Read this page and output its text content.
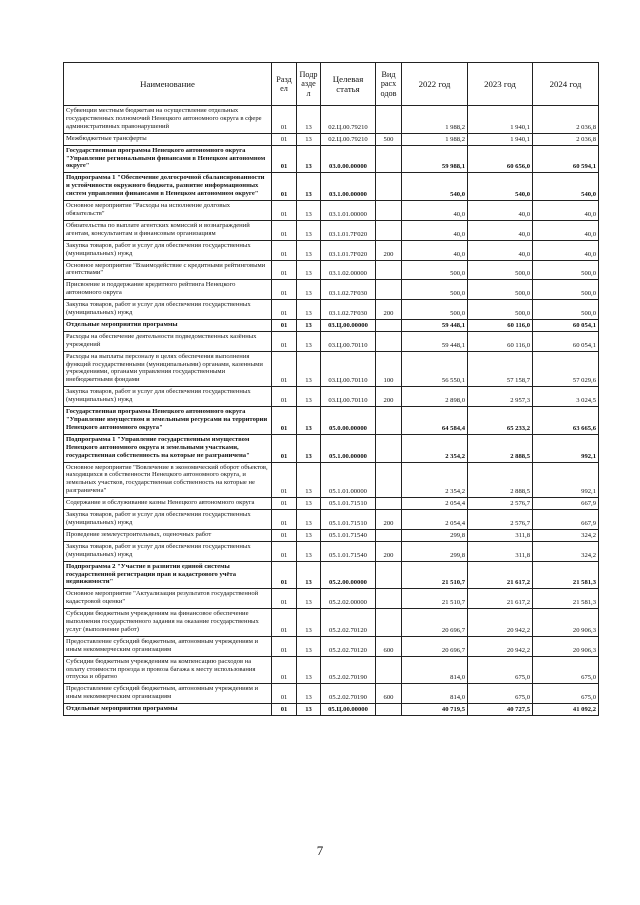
Наименование	Разд ел	Подр азде л	Целевая статья	Вид расх одов	2022 год	2023 год	2024 год
Субвенции местным бюджетам на осуществление отдельных государственных полномочий Ненецкого автономного округа в сфере административных правонарушений	01	13	02.Ц.00.79210		1 988,2	1 940,1	2 036,8
Межбюджетные трансферты	01	13	02.Ц.00.79210	500	1 988,2	1 940,1	2 036,8
Государственная программа Ненецкого автономного округа "Управление региональными финансами в Ненецком автономном округе"	01	13	03.0.00.00000		59 988,1	60 656,0	60 594,1
Подпрограмма 1 "Обеспечение долгосрочной сбалансированности и устойчивости окружного бюджета, развитие информационных систем управления финансами в Ненецком автономном округе"	01	13	03.1.00.00000		540,0	540,0	540,0
Основное мероприятие "Расходы на исполнение долговых обязательств"	01	13	03.1.01.00000		40,0	40,0	40,0
Обязательства по выплате агентских комиссий и вознаграждений агентам, консультантам и финансовым организациям	01	13	03.1.01.7F020		40,0	40,0	40,0
Закупка товаров, работ и услуг для обеспечения государственных (муниципальных) нужд	01	13	03.1.01.7F020	200	40,0	40,0	40,0
Основное мероприятие "Взаимодействие с кредитными рейтинговыми агентствами"	01	13	03.1.02.00000		500,0	500,0	500,0
Присвоение и поддержание кредитного рейтинга Ненецкого автономного округа	01	13	03.1.02.7F030		500,0	500,0	500,0
Закупка товаров, работ и услуг для обеспечения государственных (муниципальных) нужд	01	13	03.1.02.7F030	200	500,0	500,0	500,0
Отдельные мероприятия программы	01	13	03.Ц.00.00000		59 448,1	60 116,0	60 054,1
Расходы на обеспечение деятельности подведомственных казённых учреждений	01	13	03.Ц.00.70110		59 448,1	60 116,0	60 054,1
Расходы на выплаты персоналу в целях обеспечения выполнения функций государственными (муниципальными) органами, казенными учреждениями, органами управления государственными внебюджетными фондами	01	13	03.Ц.00.70110	100	56 550,1	57 158,7	57 029,6
Закупка товаров, работ и услуг для обеспечения государственных (муниципальных) нужд	01	13	03.Ц.00.70110	200	2 898,0	2 957,3	3 024,5
Государственная программа Ненецкого автономного округа "Управление имуществом и земельными ресурсами на территории Ненецкого автономного округа"	01	13	05.0.00.00000		64 584,4	65 233,2	63 665,6
Подпрограмма 1 "Управление государственным имуществом Ненецкого автономного округа и земельными участками, государственная собственность на которые не разграничена"	01	13	05.1.00.00000		2 354,2	2 888,5	992,1
Основное мероприятие "Вовлечение в экономический оборот объектов, находящихся в собственности Ненецкого автономного округа, и земельных участков, государственная собственность на которые не разграничена"	01	13	05.1.01.00000		2 354,2	2 888,5	992,1
Содержание и обслуживание казны Ненецкого автономного округа	01	13	05.1.01.71510		2 054,4	2 576,7	667,9
Закупка товаров, работ и услуг для обеспечения государственных (муниципальных) нужд	01	13	05.1.01.71510	200	2 054,4	2 576,7	667,9
Проведение землеустроительных, оценочных работ	01	13	05.1.01.71540		299,8	311,8	324,2
Закупка товаров, работ и услуг для обеспечения государственных (муниципальных) нужд	01	13	05.1.01.71540	200	299,8	311,8	324,2
Подпрограмма 2 "Участие в развитии единой системы государственной регистрации прав и кадастрового учёта недвижимости"	01	13	05.2.00.00000		21 510,7	21 617,2	21 581,3
Основное мероприятие "Актуализация результатов государственной кадастровой оценки"	01	13	05.2.02.00000		21 510,7	21 617,2	21 581,3
Субсидии бюджетным учреждениям на финансовое обеспечение выполнения государственного задания на оказание государственных услуг (выполнение работ)	01	13	05.2.02.70120		20 696,7	20 942,2	20 906,3
Предоставление субсидий бюджетным, автономным учреждениям и иным некоммерческим организациям	01	13	05.2.02.70120	600	20 696,7	20 942,2	20 906,3
Субсидии бюджетным учреждениям на компенсацию расходов на оплату стоимости проезда и провоза багажа к месту использования отпуска и обратно	01	13	05.2.02.70190		814,0	675,0	675,0
Предоставление субсидий бюджетным, автономным учреждениям и иным некоммерческим организациям	01	13	05.2.02.70190	600	814,0	675,0	675,0
Отдельные мероприятия программы	01	13	05.Ц.00.00000		40 719,5	40 727,5	41 092,2
7
